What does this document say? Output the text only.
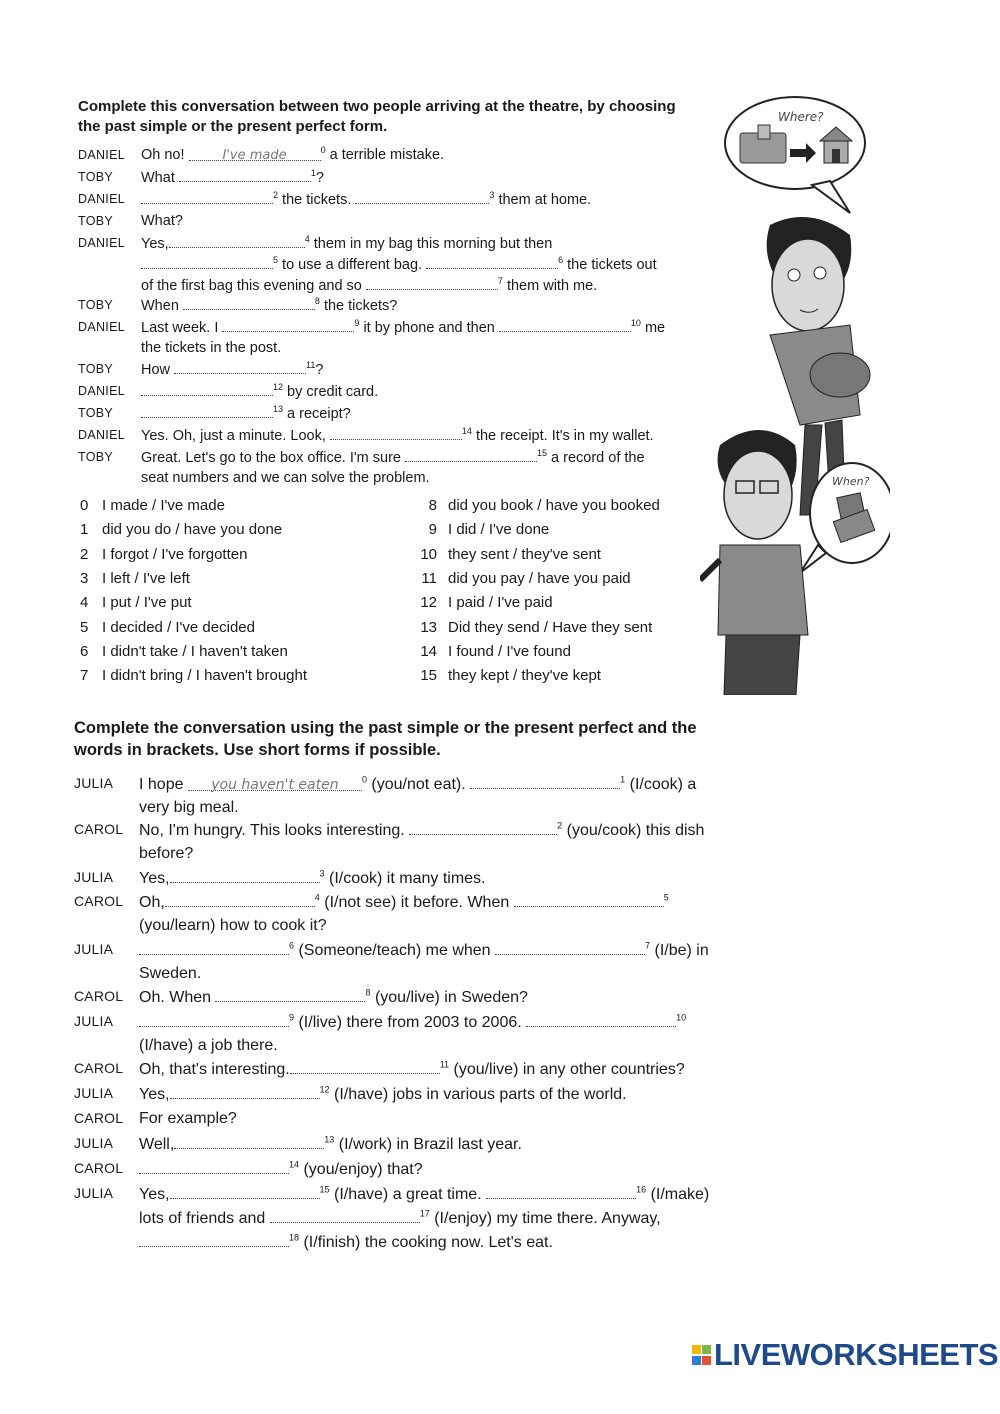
Complete this conversation between two people arriving at the theatre, by choosing the past simple or the present perfect form.
DANIEL Oh no!	I've made	$^0$ a terrible mistake.
TOBY What	$^1$?
DANIEL	$^2$ the tickets.	$^3$ them at home.
TOBY What?
DANIEL Yes,	$^4$ them in my bag this morning but then
$^5$ to use a different bag.	$^6$ the tickets out
of the first bag this evening and so	$^7$ them with me.
TOBY When	$^8$ the tickets?
DANIEL Last week. I	$^9$ it by phone and then	$^{10}$ me
the tickets in the post.
TOBY How	$^{11}$?
DANIEL	$^{12}$ by credit card.
TOBY	$^{13}$ a receipt?
DANIEL Yes. Oh, just a minute. Look,	$^{14}$ the receipt. It's in my wallet.
TOBY Great. Let's go to the box office. I'm sure	$^{15}$ a record of the
seat numbers and we can solve the problem.
Where?
When?
Complete the conversation using the past simple or the present perfect and the words in brackets. Use short forms if possible.
JULIA I hope you haven't eaten	$^0$ (you/not eat).	$^1$ (I/cook) a
very big meal.
CAROL No, I'm hungry. This looks interesting.	$^2$ (you/cook) this dish
before?
JULIA Yes,	$^3$ (I/cook) it many times.
CAROL Oh,	$^4$ (I/not see) it before. When	$^5$
(you/learn) how to cook it?
JULIA	$^6$ (Someone/teach) me when	$^7$ (I/be) in
Sweden.
CAROL Oh. When	$^8$ (you/live) in Sweden?
JULIA	$^9$ (I/live) there from 2003 to 2006.	$^{10}$
(I/have) a job there.
CAROL Oh, that's interesting.	$^{11}$ (you/live) in any other countries?
JULIA Yes,	$^{12}$ (I/have) jobs in various parts of the world.
CAROL For example?
JULIA Well,	$^{13}$ (I/work) in Brazil last year.
CAROL	$^{14}$ (you/enjoy) that?
JULIA Yes,	$^{15}$ (I/have) a great time.	$^{16}$ (I/make)
lots of friends and	$^{17}$ (I/enjoy) my time there. Anyway,
$^{18}$ (I/finish) the cooking now. Let's eat.
LIVEWORKSHEETS
0 I made / I've made
1 did you do / have you done
2 I forgot / I've forgotten
3 I left / I've left
4 I put / I've put
5 I decided / I've decided
6 I didn't take / I haven't taken
7 I didn't bring / I haven't brought
8 did you book / have you booked
9 I did / I've done
10 they sent / they've sent
11 did you pay / have you paid
12 I paid / I've paid
13 Did they send / Have they sent
14 I found / I've found
15 they kept / they've kept
